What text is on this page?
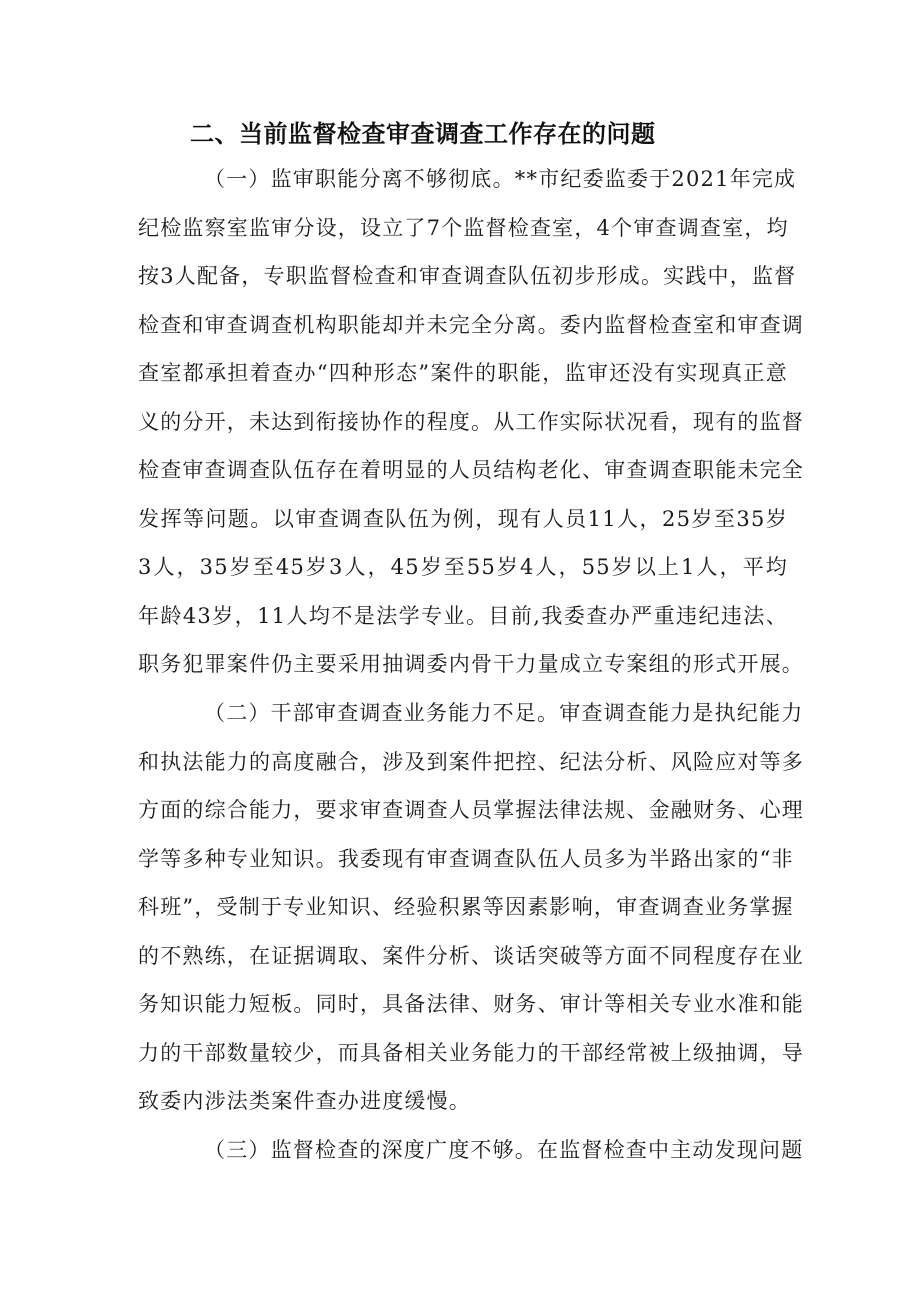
二、当前监督检查审查调查工作存在的问题
（一）监审职能分离不够彻底。**市纪委监委于2021年完成
纪检监察室监审分设，设立了7个监督检查室，4个审查调查室，均
按3人配备，专职监督检查和审查调查队伍初步形成。实践中，监督
检查和审查调查机构职能却并未完全分离。委内监督检查室和审查调
查室都承担着查办“四种形态”案件的职能，监审还没有实现真正意
义的分开，未达到衔接协作的程度。从工作实际状况看，现有的监督
检查审查调查队伍存在着明显的人员结构老化、审查调查职能未完全
发挥等问题。以审查调查队伍为例，现有人员11人，25岁至35岁
3人，35岁至45岁3人，45岁至55岁4人，55岁以上1人，平均
年龄43岁，11人均不是法学专业。目前,我委查办严重违纪违法、
职务犯罪案件仍主要采用抽调委内骨干力量成立专案组的形式开展。
（二）干部审查调查业务能力不足。审查调查能力是执纪能力
和执法能力的高度融合，涉及到案件把控、纪法分析、风险应对等多
方面的综合能力，要求审查调查人员掌握法律法规、金融财务、心理
学等多种专业知识。我委现有审查调查队伍人员多为半路出家的“非
科班”，受制于专业知识、经验积累等因素影响，审查调查业务掌握
的不熟练，在证据调取、案件分析、谈话突破等方面不同程度存在业
务知识能力短板。同时，具备法律、财务、审计等相关专业水准和能
力的干部数量较少，而具备相关业务能力的干部经常被上级抽调，导
致委内涉法类案件查办进度缓慢。
（三）监督检查的深度广度不够。在监督检查中主动发现问题
